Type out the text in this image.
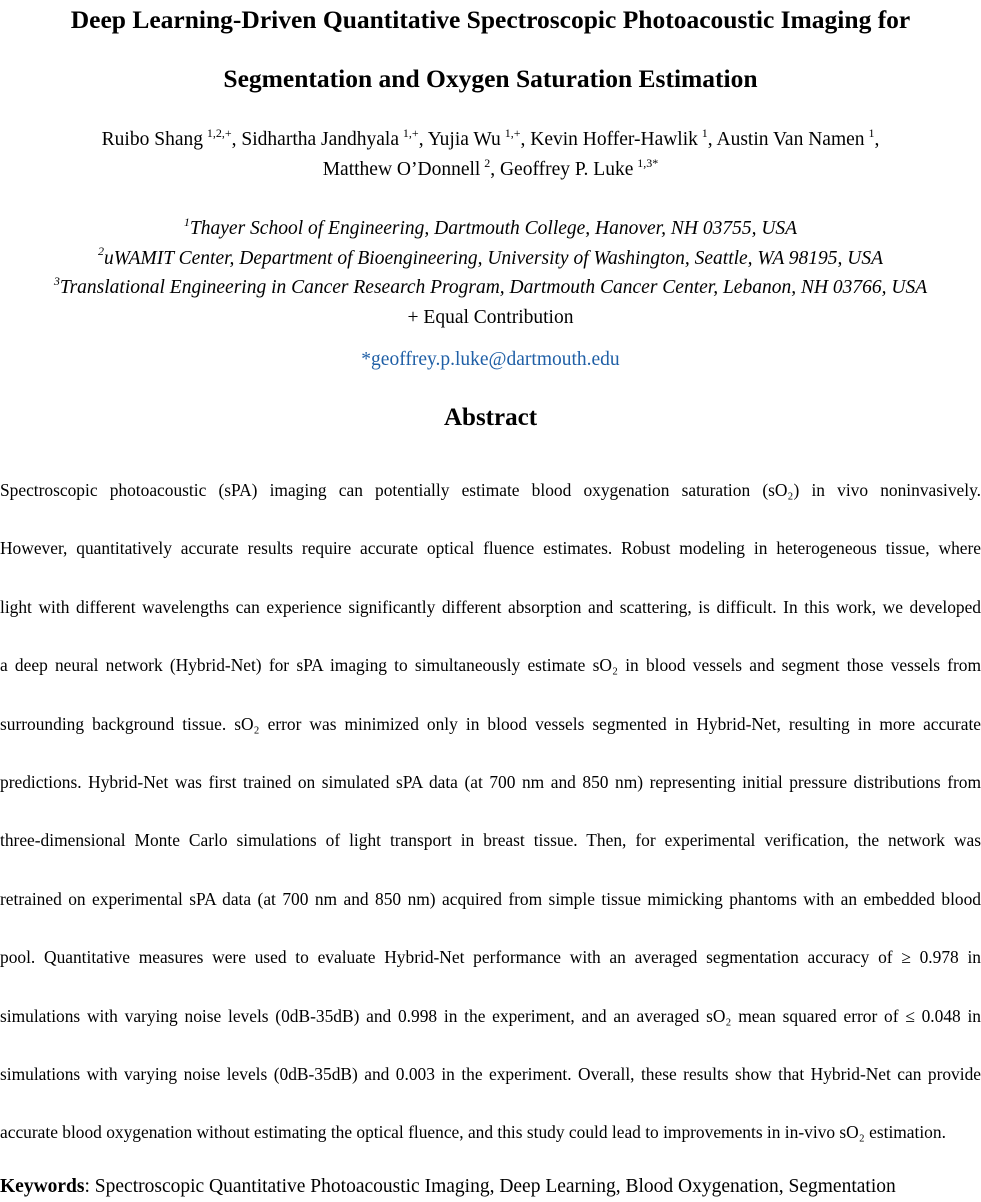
Deep Learning-Driven Quantitative Spectroscopic Photoacoustic Imaging for
Segmentation and Oxygen Saturation Estimation
Ruibo Shang  $^{1,2,+}$, Sidhartha Jandhyala  $^{1,+}$, Yujia Wu  $^{1,+}$, Kevin Hoffer-Hawlik  $^1$, Austin Van Namen  $^1$,
Matthew O’Donnell  $^2$, Geoffrey P. Luke  $^{1,3*}$
$^1$Thayer School of Engineering, Dartmouth College, Hanover, NH 03755, USA
$^2$uWAMIT Center, Department of Bioengineering, University of Washington, Seattle, WA 98195, USA
$^3$Translational Engineering in Cancer Research Program, Dartmouth Cancer Center, Lebanon, NH 03766, USA
+ Equal Contribution
*geoffrey.p.luke@dartmouth.edu
Abstract
Spectroscopic photoacoustic (sPA) imaging can potentially estimate blood oxygenation saturation (sO₂) in vivo noninvasively.
However, quantitatively accurate results require accurate optical fluence estimates. Robust modeling in heterogeneous tissue, where
light with different wavelengths can experience significantly different absorption and scattering, is difficult. In this work, we developed
a deep neural network (Hybrid-Net) for sPA imaging to simultaneously estimate sO₂ in blood vessels and segment those vessels from
surrounding background tissue. sO₂ error was minimized only in blood vessels segmented in Hybrid-Net, resulting in more accurate
predictions. Hybrid-Net was first trained on simulated sPA data (at 700 nm and 850 nm) representing initial pressure distributions from
three-dimensional Monte Carlo simulations of light transport in breast tissue. Then, for experimental verification, the network was
retrained on experimental sPA data (at 700 nm and 850 nm) acquired from simple tissue mimicking phantoms with an embedded blood
pool. Quantitative measures were used to evaluate Hybrid-Net performance with an averaged segmentation accuracy of ≥ 0.978 in
simulations with varying noise levels (0dB-35dB) and 0.998 in the experiment, and an averaged sO₂ mean squared error of ≤ 0.048 in
simulations with varying noise levels (0dB-35dB) and 0.003 in the experiment. Overall, these results show that Hybrid-Net can provide
accurate blood oxygenation without estimating the optical fluence, and this study could lead to improvements in in-vivo sO₂ estimation.
Keywords: Spectroscopic Quantitative Photoacoustic Imaging, Deep Learning, Blood Oxygenation, Segmentation
